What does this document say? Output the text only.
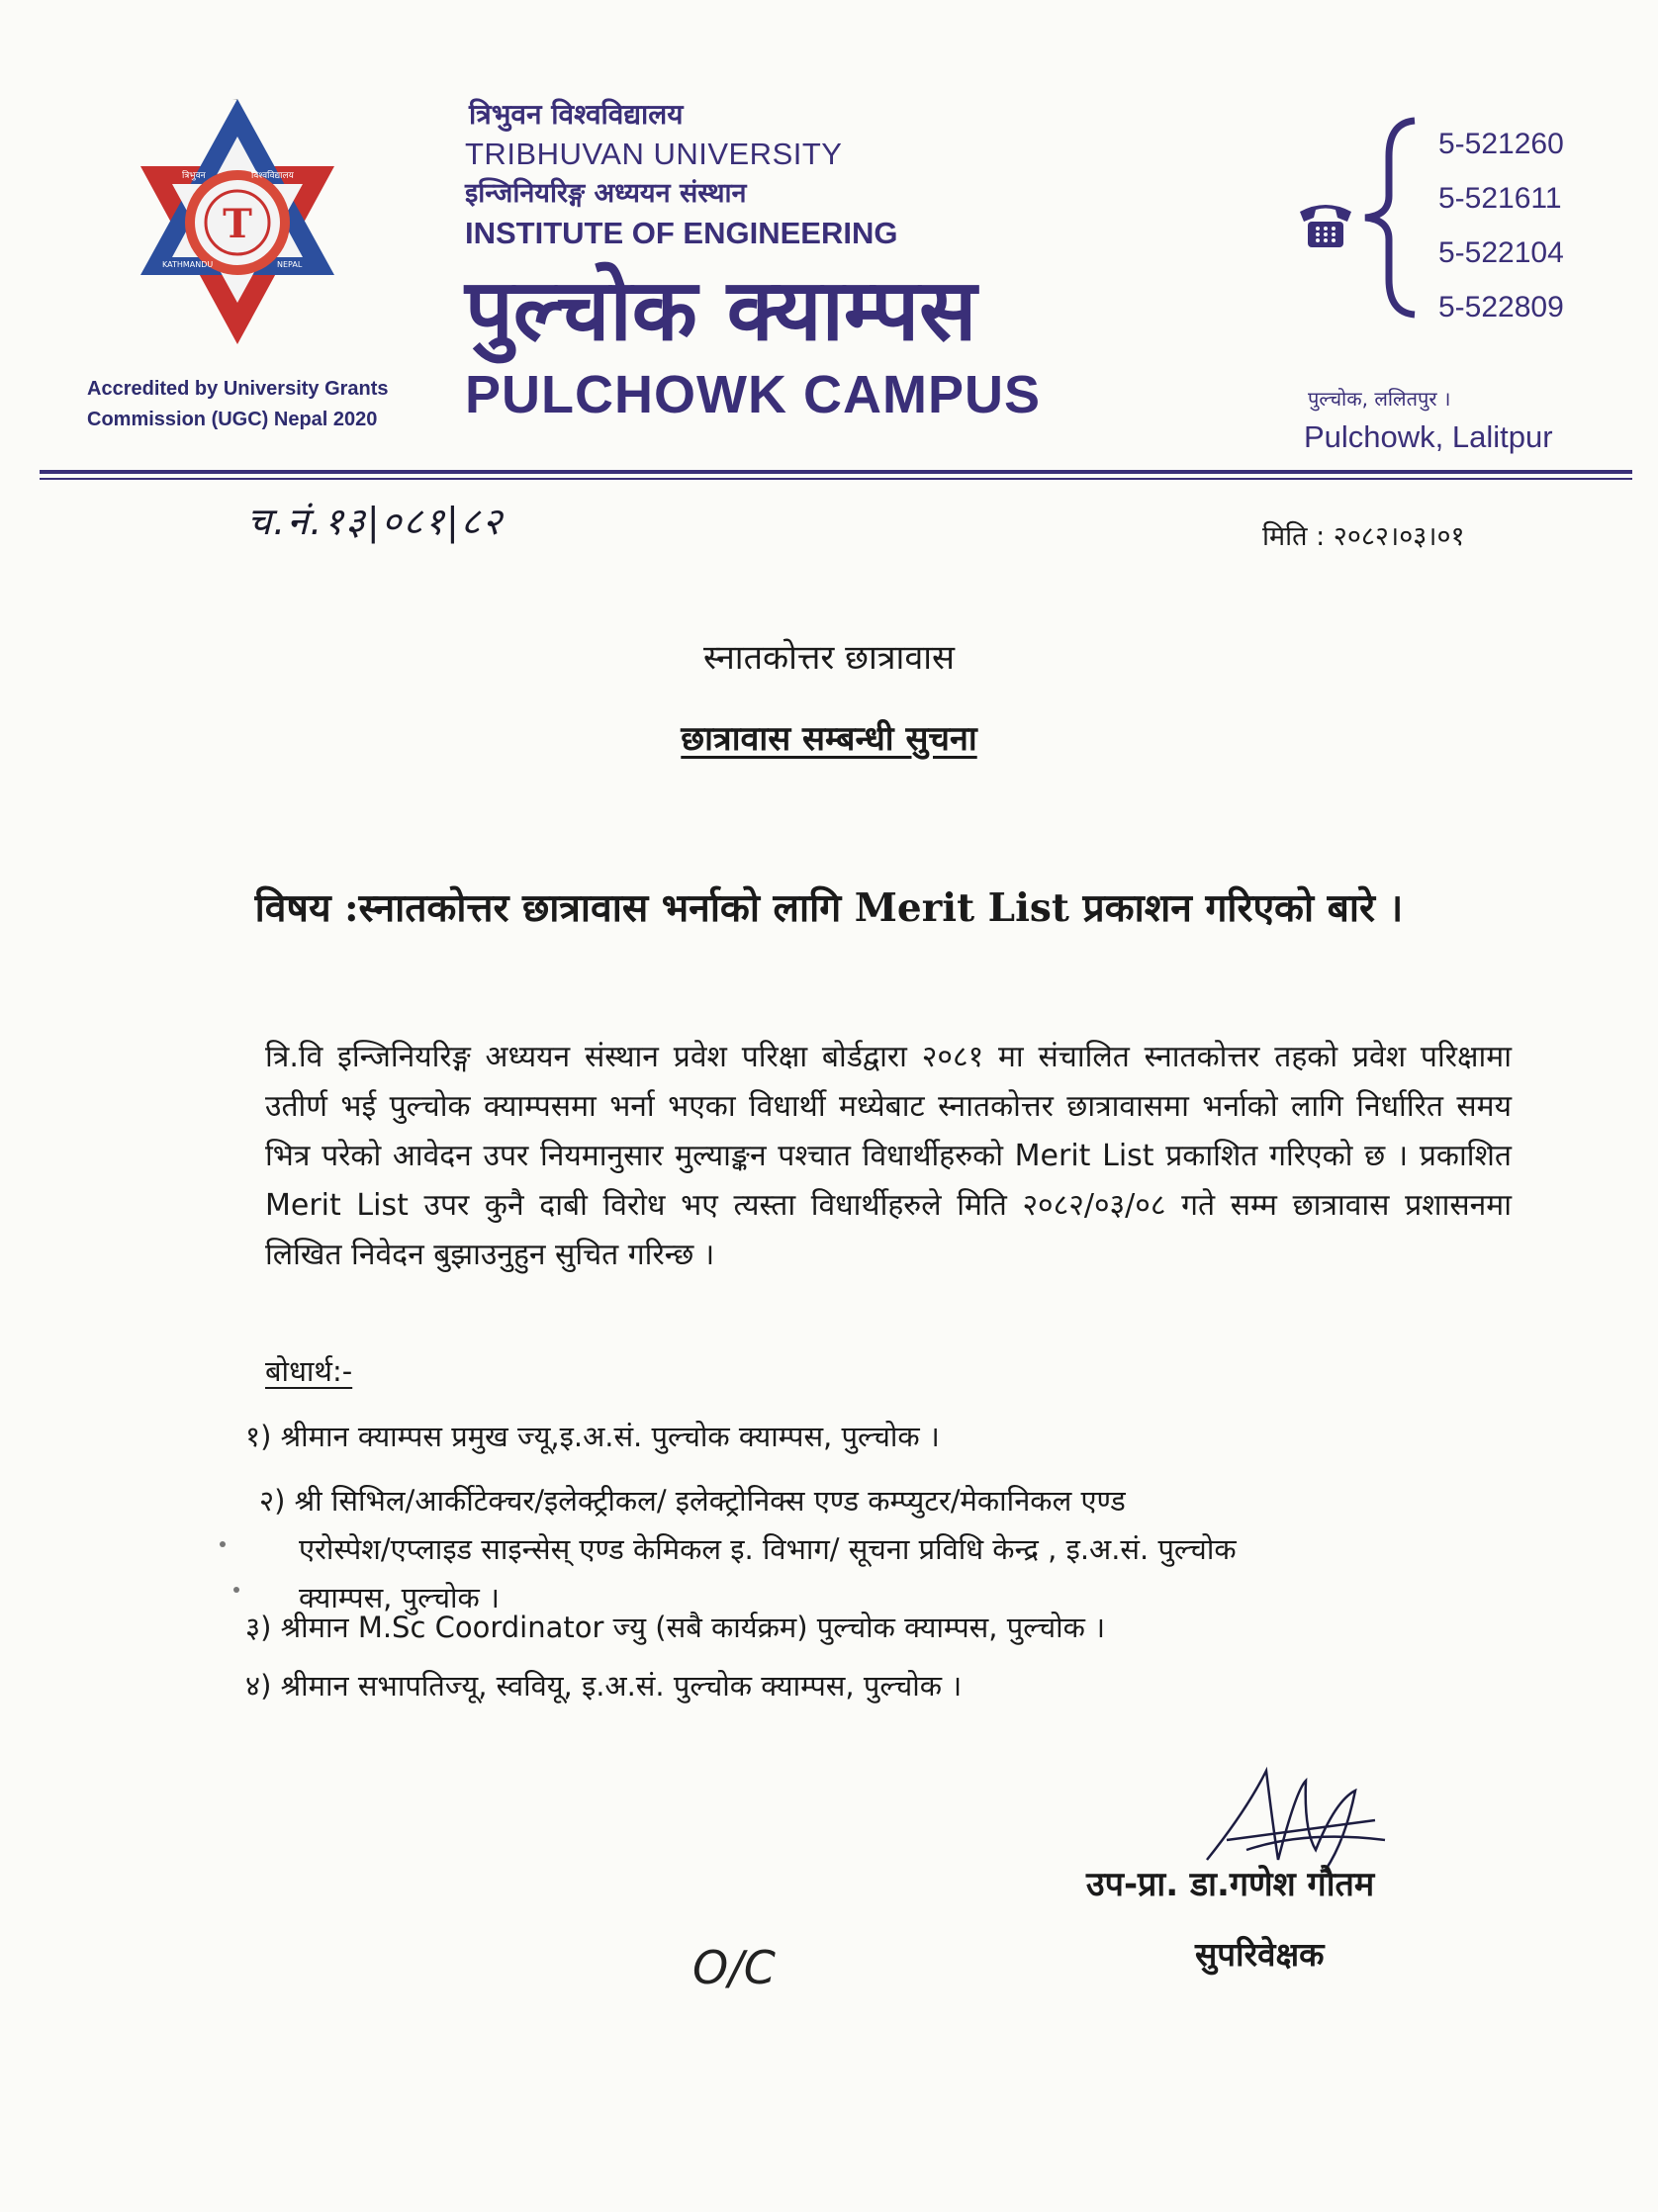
T
त्रिभुवन	विश्वविद्यालय
KATHMANDU	NEPAL
Accredited by University Grants
Commission (UGC) Nepal 2020
त्रिभुवन विश्वविद्यालय
TRIBHUVAN UNIVERSITY
इन्जिनियरिङ्ग अध्ययन संस्थान
INSTITUTE OF ENGINEERING
पुल्चोक क्याम्पस
PULCHOWK CAMPUS
5-521260
5-521611
5-522104
5-522809
पुल्चोक, ललितपुर ।
Pulchowk, Lalitpur
च.नं.१३|०८१|८२	मिति : २०८२।०३।०१
स्नातकोत्तर छात्रावास
छात्रावास सम्बन्धी सुचना
विषय :स्नातकोत्तर छात्रावास भर्नाको लागि Merit List प्रकाशन गरिएको बारे ।
त्रि.वि इन्जिनियरिङ्ग अध्ययन संस्थान प्रवेश परिक्षा बोर्डद्वारा २०८१ मा संचालित स्नातकोत्तर तहको प्रवेश परिक्षामा उतीर्ण भई पुल्चोक क्याम्पसमा भर्ना भएका विधार्थी मध्येबाट स्नातकोत्तर छात्रावासमा भर्नाको लागि निर्धारित समय भित्र परेको आवेदन उपर नियमानुसार मुल्याङ्कन पश्चात विधार्थीहरुको Merit List प्रकाशित गरिएको छ । प्रकाशित Merit List उपर कुनै दाबी विरोध भए त्यस्ता विधार्थीहरुले मिति २०८२/०३/०८ गते सम्म छात्रावास प्रशासनमा लिखित निवेदन बुझाउनुहुन सुचित गरिन्छ ।
बोधार्थ:-
१) श्रीमान क्याम्पस प्रमुख ज्यू,इ.अ.सं. पुल्चोक क्याम्पस, पुल्चोक ।
२) श्री सिभिल/आर्कीटेक्चर/इलेक्ट्रीकल/ इलेक्ट्रोनिक्स एण्ड कम्प्युटर/मेकानिकल एण्ड
एरोस्पेश/एप्लाइड साइन्सेस् एण्ड केमिकल इ. विभाग/ सूचना प्रविधि केन्द्र , इ.अ.सं. पुल्चोक
क्याम्पस, पुल्चोक ।
३) श्रीमान M.Sc Coordinator ज्यु (सबै कार्यक्रम) पुल्चोक क्याम्पस, पुल्चोक ।
४) श्रीमान सभापतिज्यू, स्ववियू, इ.अ.सं. पुल्चोक क्याम्पस, पुल्चोक ।
उप-प्रा. डा.गणेश गौतम
सुपरिवेक्षक
O/C
